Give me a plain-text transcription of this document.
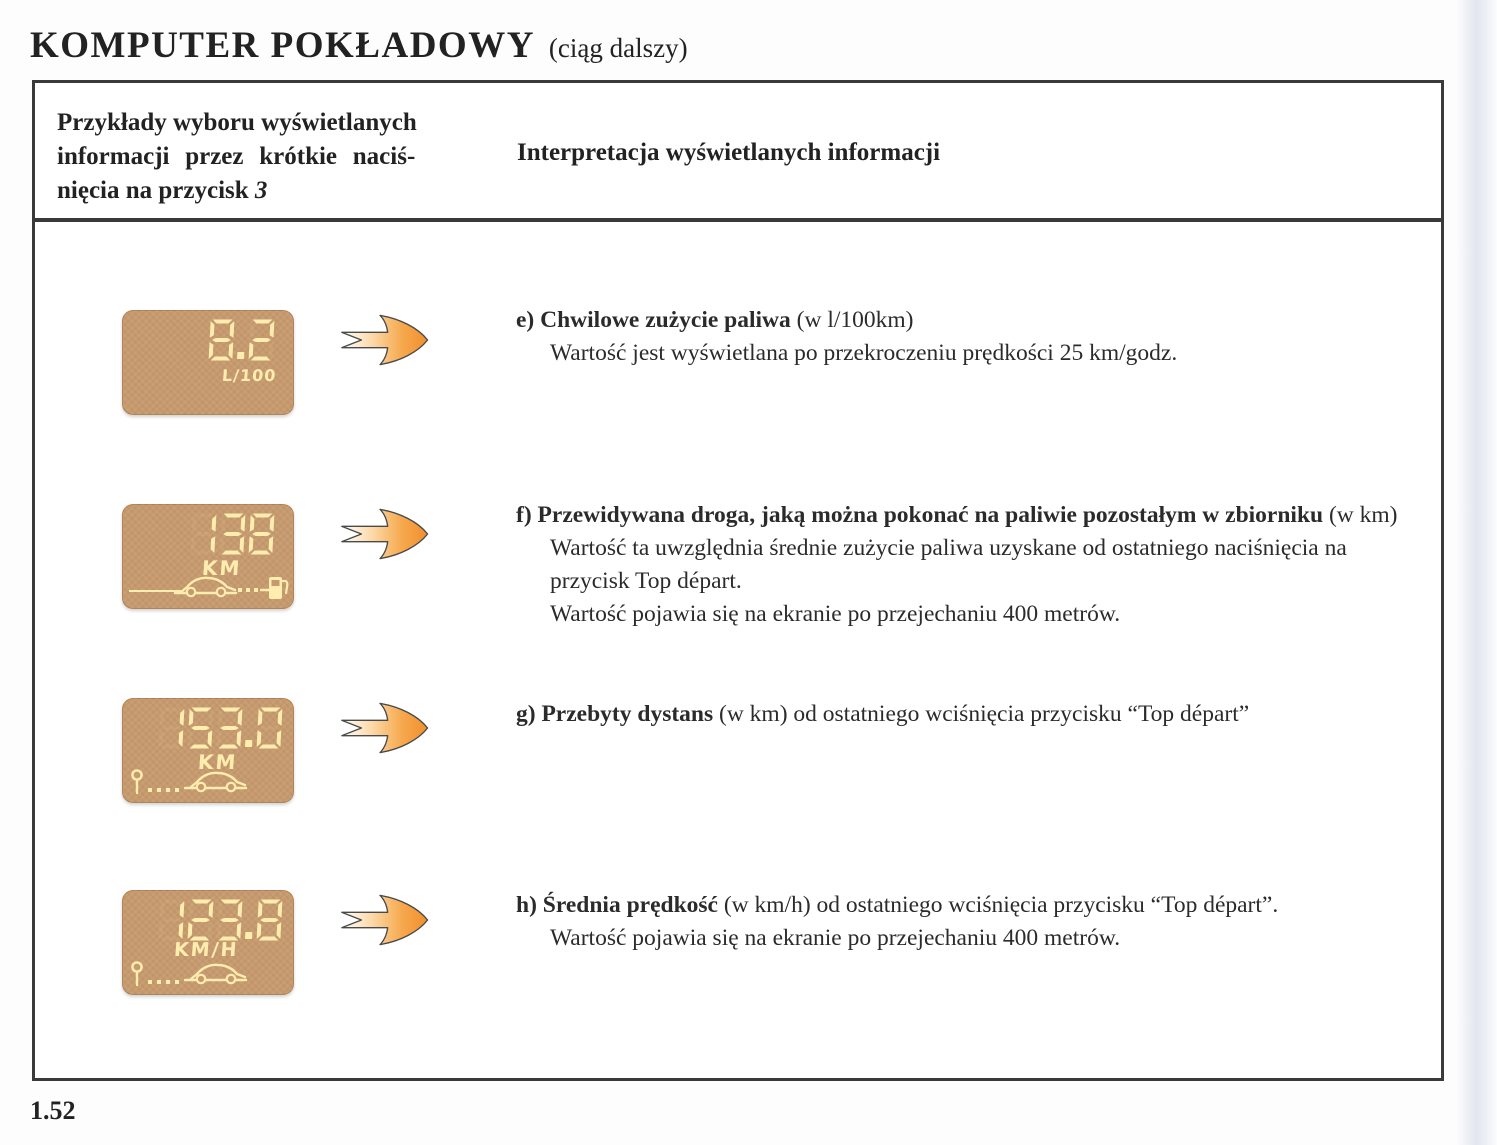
KOMPUTER POKŁADOWY (ciąg dalszy)
Przykłady wyboru wyświetlanych
informacji przez krótkie naciś-
nięcia na przycisk 3
Interpretacja wyświetlanych informacji
L/100
e) Chwilowe zużycie paliwa (w l/100km)
Wartość jest wyświetlana po przekroczeniu prędkości 25 km/godz.
KM
f) Przewidywana droga, jaką można pokonać na paliwie pozostałym w zbiorniku (w km)
Wartość ta uwzględnia średnie zużycie paliwa uzyskane od ostatniego naciśnięcia na przycisk Top départ.
Wartość pojawia się na ekranie po przejechaniu 400 metrów.
KM
g) Przebyty dystans (w km) od ostatniego wciśnięcia przycisku “Top départ”
KM/H
h) Średnia prędkość (w km/h) od ostatniego wciśnięcia przycisku “Top départ”.
Wartość pojawia się na ekranie po przejechaniu 400 metrów.
1.52
